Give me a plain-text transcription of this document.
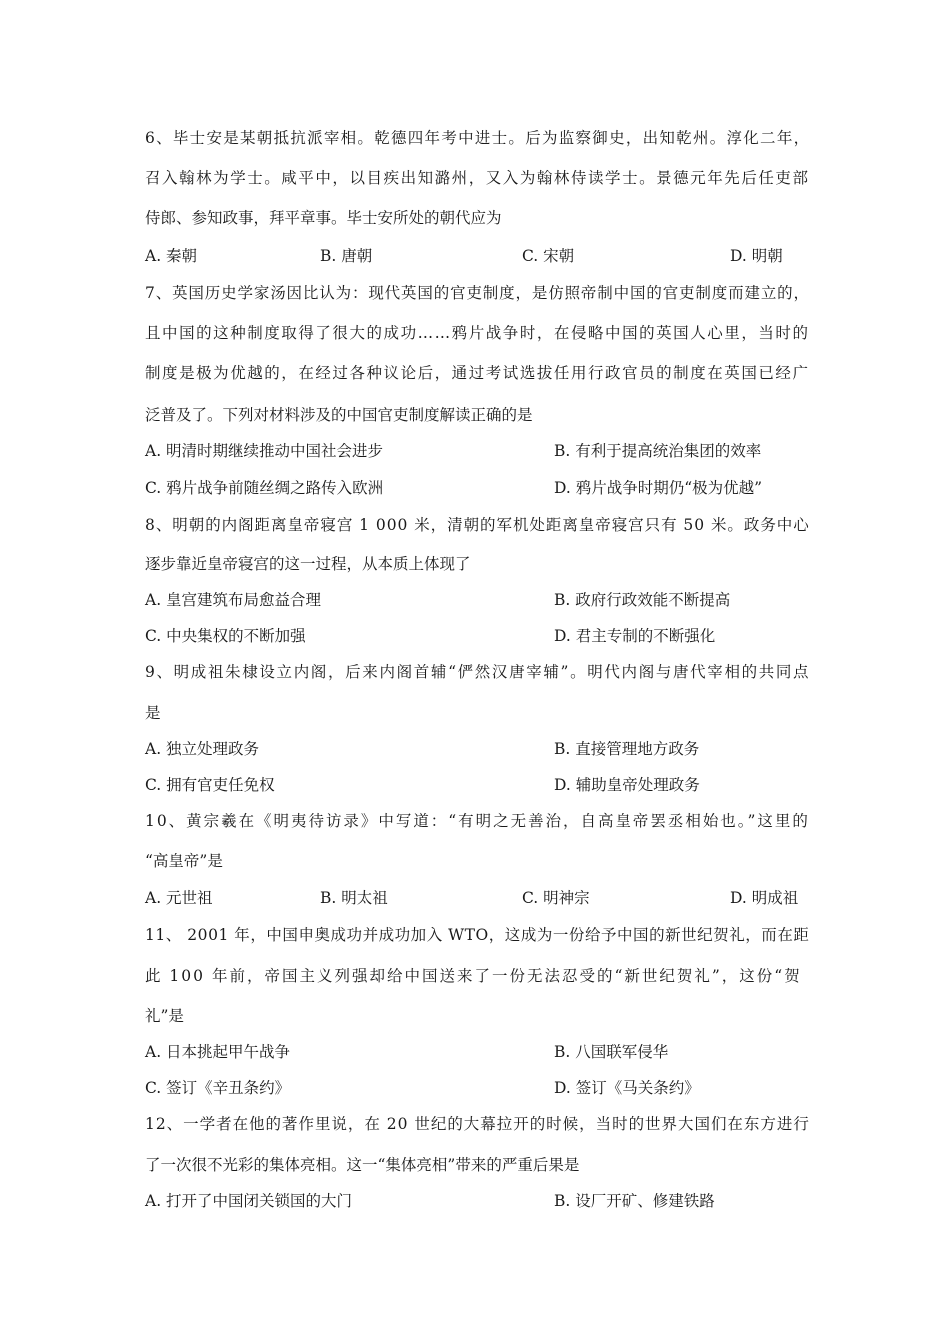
6、毕士安是某朝抵抗派宰相。乾德四年考中进士。后为监察御史，出知乾州。淳化二年，
召入翰林为学士。咸平中，以目疾出知潞州，又入为翰林侍读学士。景德元年先后任吏部
侍郎、参知政事，拜平章事。毕士安所处的朝代应为
A. 秦朝	B. 唐朝	C. 宋朝	D. 明朝
7、英国历史学家汤因比认为：现代英国的官吏制度，是仿照帝制中国的官吏制度而建立的，
且中国的这种制度取得了很大的成功……鸦片战争时，在侵略中国的英国人心里，当时的
制度是极为优越的，在经过各种议论后，通过考试选拔任用行政官员的制度在英国已经广
泛普及了。下列对材料涉及的中国官吏制度解读正确的是
A. 明清时期继续推动中国社会进步	B. 有利于提高统治集团的效率
C. 鸦片战争前随丝绸之路传入欧洲	D. 鸦片战争时期仍“极为优越”
8、明朝的内阁距离皇帝寝宫 1 000 米，清朝的军机处距离皇帝寝宫只有 50 米。政务中心
逐步靠近皇帝寝宫的这一过程，从本质上体现了
A. 皇宫建筑布局愈益合理	B. 政府行政效能不断提高
C. 中央集权的不断加强	D. 君主专制的不断强化
9、明成祖朱棣设立内阁，后来内阁首辅“俨然汉唐宰辅”。明代内阁与唐代宰相的共同点
是
A. 独立处理政务	B. 直接管理地方政务
C. 拥有官吏任免权	D. 辅助皇帝处理政务
10、黄宗羲在《明夷待访录》中写道：“有明之无善治，自高皇帝罢丞相始也。”这里的
“高皇帝”是
A. 元世祖	B. 明太祖	C. 明神宗	D. 明成祖
11、 2001 年，中国申奥成功并成功加入 WTO，这成为一份给予中国的新世纪贺礼，而在距
此 100 年前，帝国主义列强却给中国送来了一份无法忍受的“新世纪贺礼”，这份“贺
礼”是
A. 日本挑起甲午战争	B. 八国联军侵华
C. 签订《辛丑条约》	D. 签订《马关条约》
12、一学者在他的著作里说，在 20 世纪的大幕拉开的时候，当时的世界大国们在东方进行
了一次很不光彩的集体亮相。这一“集体亮相”带来的严重后果是
A. 打开了中国闭关锁国的大门	B. 设厂开矿、修建铁路
